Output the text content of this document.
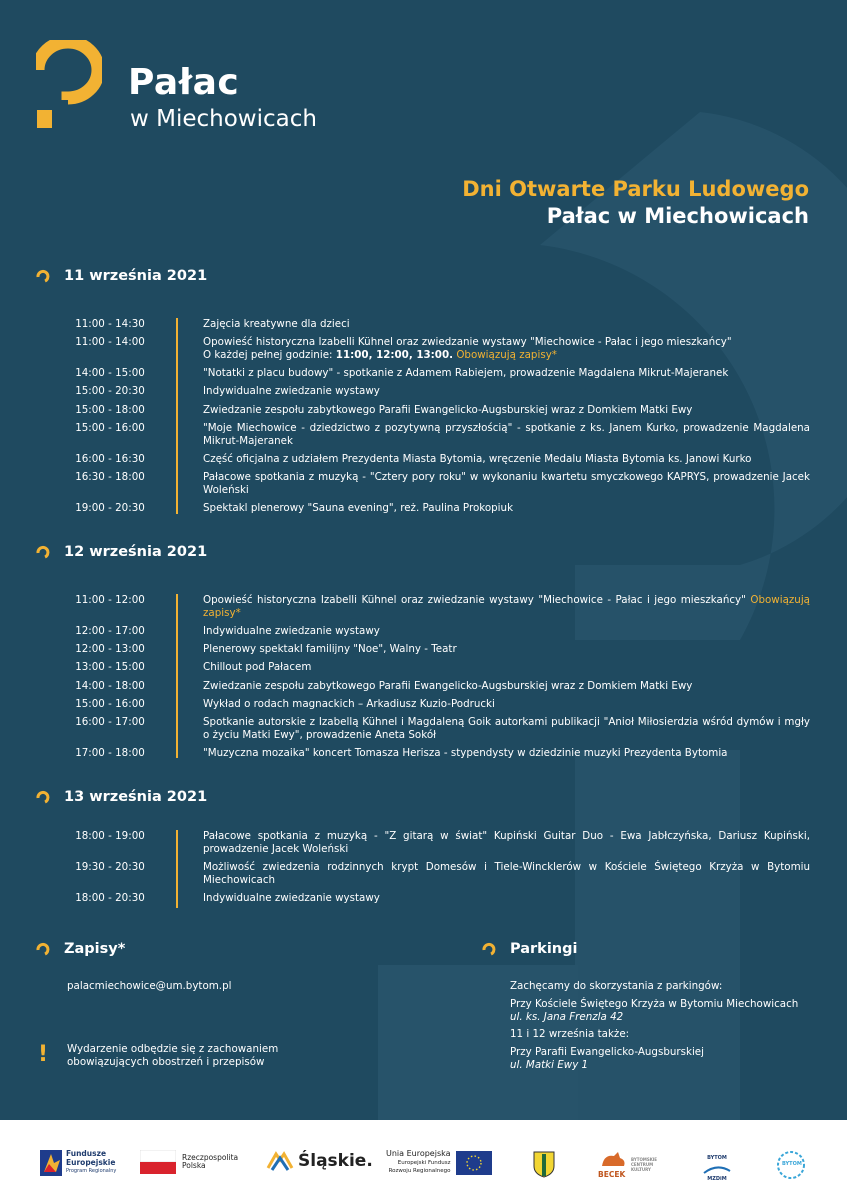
Pałac
w Miechowicach
Dni Otwarte Parku Ludowego
Pałac w Miechowicach
11 września 2021
11:00 - 14:30	Zajęcia kreatywne dla dzieci
11:00 - 14:00	Opowieść historyczna Izabelli Kühnel oraz zwiedzanie wystawy "Miechowice - Pałac i jego mieszkańcy"
O każdej pełnej godzinie: 11:00, 12:00, 13:00. Obowiązują zapisy*
14:00 - 15:00	"Notatki z placu budowy" - spotkanie z Adamem Rabiejem, prowadzenie Magdalena Mikrut-Majeranek
15:00 - 20:30	Indywidualne zwiedzanie wystawy
15:00 - 18:00	Zwiedzanie zespołu zabytkowego Parafii Ewangelicko-Augsburskiej wraz z Domkiem Matki Ewy
15:00 - 16:00	"Moje Miechowice - dziedzictwo z pozytywną przyszłością" - spotkanie z ks. Janem Kurko, prowadzenie Magdalena Mikrut-Majeranek
16:00 - 16:30	Część oficjalna z udziałem Prezydenta Miasta Bytomia, wręczenie Medalu Miasta Bytomia ks. Janowi Kurko
16:30 - 18:00	Pałacowe spotkania z muzyką - "Cztery pory roku" w wykonaniu kwartetu smyczkowego KAPRYS, prowadzenie Jacek Woleński
19:00 - 20:30	Spektakl plenerowy "Sauna evening", reż. Paulina Prokopiuk
12 września 2021
11:00 - 12:00	Opowieść historyczna Izabelli Kühnel oraz zwiedzanie wystawy "Miechowice - Pałac i jego mieszkańcy" Obowiązują zapisy*
12:00 - 17:00	Indywidualne zwiedzanie wystawy
12:00 - 13:00	Plenerowy spektakl familijny "Noe", Walny - Teatr
13:00 - 15:00	Chillout pod Pałacem
14:00 - 18:00	Zwiedzanie zespołu zabytkowego Parafii Ewangelicko-Augsburskiej wraz z Domkiem Matki Ewy
15:00 - 16:00	Wykład o rodach magnackich – Arkadiusz Kuzio-Podrucki
16:00 - 17:00	Spotkanie autorskie z Izabellą Kühnel i Magdaleną Goik autorkami publikacji "Anioł Miłosierdzia wśród dymów i mgły o życiu Matki Ewy", prowadzenie Aneta Sokół
17:00 - 18:00	"Muzyczna mozaika" koncert Tomasza Herisza - stypendysty w dziedzinie muzyki Prezydenta Bytomia
13 września 2021
18:00 - 19:00	Pałacowe spotkania z muzyką - "Z gitarą w świat" Kupiński Guitar Duo - Ewa Jabłczyńska, Dariusz Kupiński, prowadzenie Jacek Woleński
19:30 - 20:30	Możliwość zwiedzenia rodzinnych krypt Domesów i Tiele-Wincklerów w Kościele Świętego Krzyża w Bytomiu Miechowicach
18:00 - 20:30	Indywidualne zwiedzanie wystawy
Zapisy*
palacmiechowice@um.bytom.pl
! Wydarzenie odbędzie się z zachowaniem
obowiązujących obostrzeń i przepisów
Parkingi
Zachęcamy do skorzystania z parkingów:
Przy Kościele Świętego Krzyża w Bytomiu Miechowicach
ul. ks. Jana Frenzla 42
11 i 12 września także:
Przy Parafii Ewangelicko-Augsburskiej
ul. Matki Ewy 1
Fundusze
Europejskie
Program Regionalny
Rzeczpospolita
Polska	Śląskie. Unia Europejska
Europejski Fundusz
Rozwoju Regionalnego	BECEK
BYTOMSKIE CENTRUM KULTURY
BYTOM
MZDiM
BYTOM
